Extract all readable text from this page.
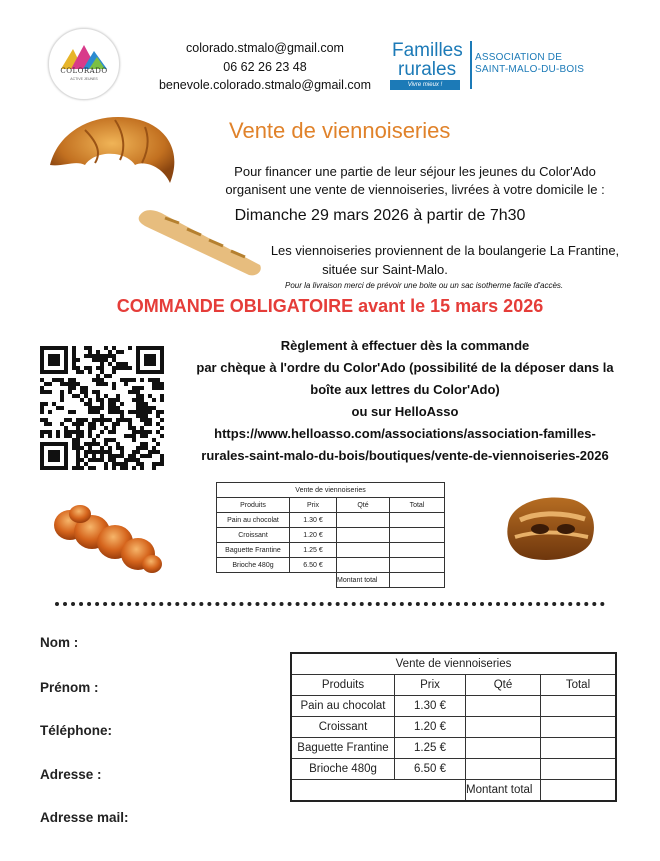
COLORADO
ACTIVE JEUNES
colorado.stmalo@gmail.com
06 62 26 23 48
benevole.colorado.stmalo@gmail.com
Familles
rurales
Vivre mieux !
ASSOCIATION DE
SAINT-MALO-DU-BOIS
Vente de viennoiseries
Pour financer une partie de leur séjour les jeunes du Color'Ado
organisent une vente de viennoiseries, livrées à votre domicile le :
Dimanche 29 mars 2026 à partir de 7h30
Les viennoiseries proviennent de la boulangerie La Frantine,
située sur Saint-Malo.
Pour la livraison merci de prévoir une boite ou un sac isotherme facile d'accès.
COMMANDE OBLIGATOIRE avant le 15 mars 2026
Règlement à effectuer dès la commande
par chèque à l'ordre du Color'Ado (possibilité de la déposer dans la
boîte aux lettres du Color'Ado)
ou sur HelloAsso
https://www.helloasso.com/associations/association-familles-
rurales-saint-malo-du-bois/boutiques/vente-de-viennoiseries-2026
Vente de viennoiseries			
Produits	Prix	Qté	Total
Pain au chocolat	1.30 €		
Croissant	1.20 €		
Baguette Frantine	1.25 €		
Brioche 480g	6.50 €		
		Montant total	
Nom :
Prénom :
Téléphone:
Adresse :
Adresse mail:
Vente de viennoiseries			
Produits	Prix	Qté	Total
Pain au chocolat	1.30 €		
Croissant	1.20 €		
Baguette Frantine	1.25 €		
Brioche 480g	6.50 €		
		Montant total	
